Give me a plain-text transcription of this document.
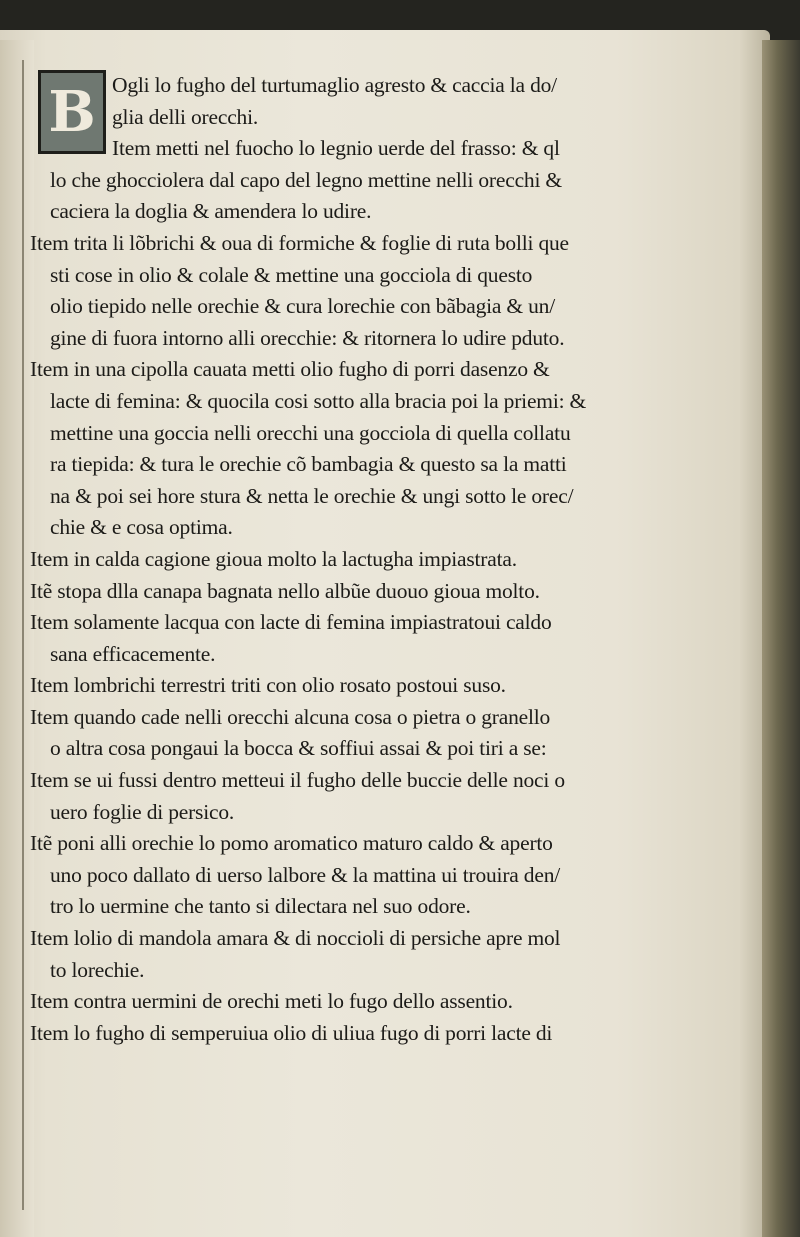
B Ogli lo fugho del turtumaglio agresto & caccia la do/
glia delli orecchi.
Item metti nel fuocho lo legnio uerde del frasso: & ql
lo che ghocciolera dal capo del legno mettine nelli orecchi &
caciera la doglia & amendera lo udire.
Item trita li lõbrichi & oua di formiche & foglie di ruta bolli que
sti cose in olio & colale & mettine una gocciola di questo
olio tiepido nelle orechie & cura lorechie con bãbagia & un/
gine di fuora intorno alli orecchie: & ritornera lo udire pduto.
Item in una cipolla cauata metti olio fugho di porri dasenzo &
lacte di femina: & quocila cosi sotto alla bracia poi la priemi: &
mettine una goccia nelli orecchi una gocciola di quella collatu
ra tiepida: & tura le orechie cõ bambagia & questo sa la matti
na & poi sei hore stura & netta le orechie & ungi sotto le orec/
chie & e cosa optima.
Item in calda cagione gioua molto la lactugha impiastrata.
Itẽ stopa dlla canapa bagnata nello albũe duouo gioua molto.
Item solamente lacqua con lacte di femina impiastratoui caldo
sana efficacemente.
Item lombrichi terrestri triti con olio rosato postoui suso.
Item quando cade nelli orecchi alcuna cosa o pietra o granello
o altra cosa pongaui la bocca & soffiui assai & poi tiri a se:
Item se ui fussi dentro metteui il fugho delle buccie delle noci o
uero foglie di persico.
Itẽ poni alli orechie lo pomo aromatico maturo caldo & aperto
uno poco dallato di uerso lalbore & la mattina ui trouira den/
tro lo uermine che tanto si dilectara nel suo odore.
Item lolio di mandola amara & di noccioli di persiche apre mol
to lorechie.
Item contra uermini de orechi meti lo fugo dello assentio.
Item lo fugho di semperuiua olio di uliua fugo di porri lacte di
